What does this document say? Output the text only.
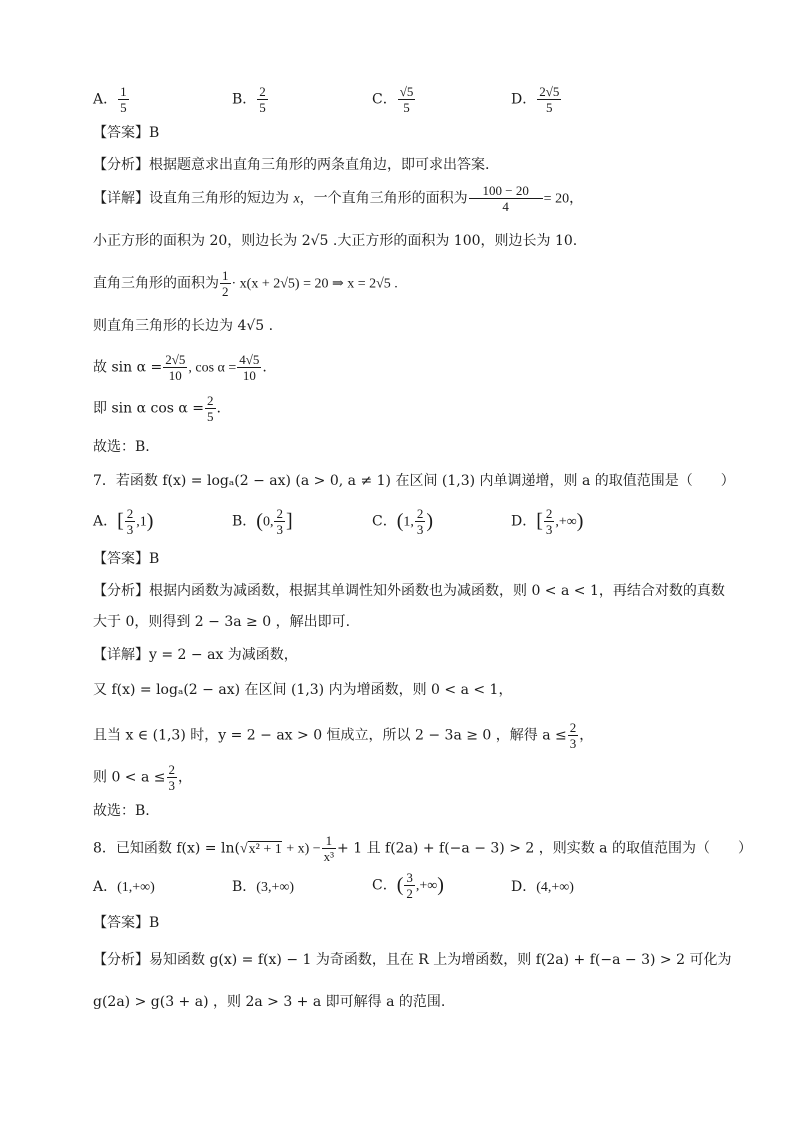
A． $\frac{1}{5}$	B． $\frac{2}{5}$	C． $\frac{√5}{5}$	D． $\frac{2√5}{5}$
【答案】B
【分析】根据题意求出直角三角形的两条直角边，即可求出答案.
【详解】设直角三角形的短边为 x，一个直角三角形的面积为 $\frac{100 - 20}{4} = 20$，
小正方形的面积为 20，则边长为 2√5 .大正方形的面积为 100，则边长为 10.
直角三角形的面积为 $\frac{1}{2} \cdot x(x + 2√5) = 20$ ⇒ x = 2√5 .
则直角三角形的长边为 4√5 .
故 $\sin \alpha = \frac{2√5}{10}$ , $\cos \alpha = \frac{4√5}{10}$ .
即 sin α $\cos \alpha = \frac{2}{5}$ .
故选：B.
7．若函数 f(x) = logₐ(2 − ax) (a > 0, a ≠ 1) 在区间 (1,3) 内单调递增，则 a 的取值范围是（　　）
A．[ $\frac{2}{3} ,1$)	B．(0, $\frac{2}{3}$ ]	C．(1, $\frac{2}{3}$ )	D．[ $\frac{2}{3}$ ,+∞)
【答案】B
【分析】根据内函数为减函数，根据其单调性知外函数也为减函数，则 0 < a < 1，再结合对数的真数
大于 0，则得到 2 − 3a ≥ 0 ，解出即可.
【详解】y = 2 − ax 为减函数，
又 f(x) = logₐ(2 − ax) 在区间 (1,3) 内为增函数，则 0 < a < 1，
且当 x ∈ (1,3) 时，y = 2 − ax > 0 恒成立，所以 2 − 3a ≥ 0 ，解得 $a \le \frac{2}{3}$ ，
则 $0 < a \le \frac{2}{3}$ ，
故选：B.
8．已知函数 $f(x) = \ln(√x^2 + 1 + x) - \frac{1}{\text{x³}} + 1$ 且 f(2a) + f(−a − 3) > 2 ，则实数 a 的取值范围为（　　）
A．(1,+∞)	B．(3,+∞)	C．( $\frac{3}{2}$ ,+∞)	D．(4,+∞)
【答案】B
【分析】易知函数 g(x) = f(x) − 1 为奇函数，且在 R 上为增函数，则 f(2a) + f(−a − 3) > 2 可化为
g(2a) > g(3 + a) ，则 2a > 3 + a 即可解得 a 的范围.
